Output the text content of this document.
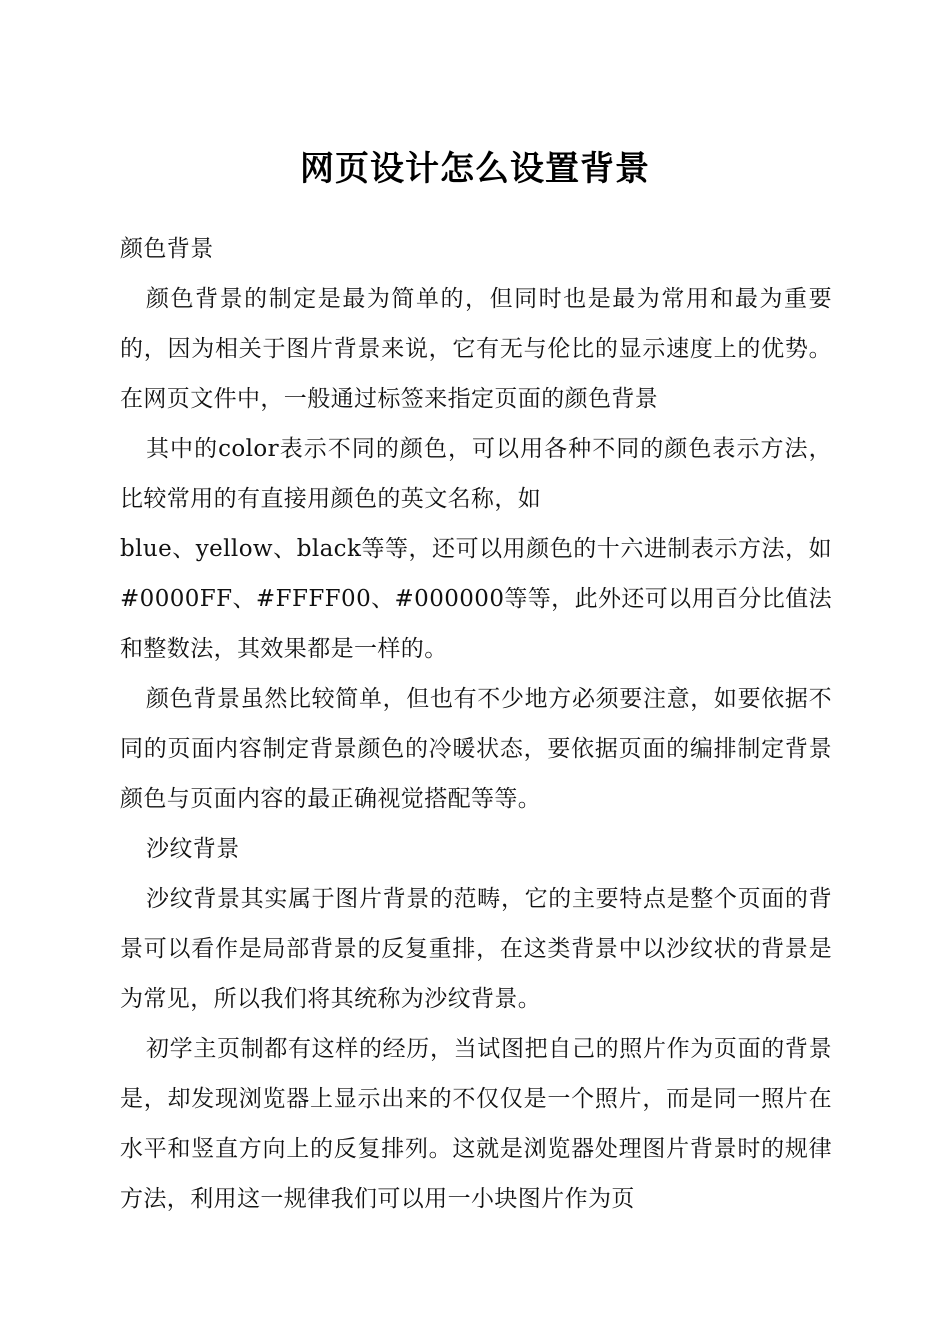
网页设计怎么设置背景

颜色背景

颜色背景的制定是最为简单的，但同时也是最为常用和最为重要的，因为相关于图片背景来说，它有无与伦比的显示速度上的优势。在网页文件中，一般通过标签来指定页面的颜色背景

其中的color表示不同的颜色，可以用各种不同的颜色表示方法，比较常用的有直接用颜色的英文名称，如

blue、yellow、black等等，还可以用颜色的十六进制表示方法，如#0000FF、#FFFF00、#000000等等，此外还可以用百分比值法和整数法，其效果都是一样的。

颜色背景虽然比较简单，但也有不少地方必须要注意，如要依据不同的页面内容制定背景颜色的冷暖状态，要依据页面的编排制定背景颜色与页面内容的最正确视觉搭配等等。

沙纹背景

沙纹背景其实属于图片背景的范畴，它的主要特点是整个页面的背景可以看作是局部背景的反复重排，在这类背景中以沙纹状的背景是为常见，所以我们将其统称为沙纹背景。

初学主页制都有这样的经历，当试图把自己的照片作为页面的背景是，却发现浏览器上显示出来的不仅仅是一个照片，而是同一照片在水平和竖直方向上的反复排列。这就是浏览器处理图片背景时的规律方法，利用这一规律我们可以用一小块图片作为页
